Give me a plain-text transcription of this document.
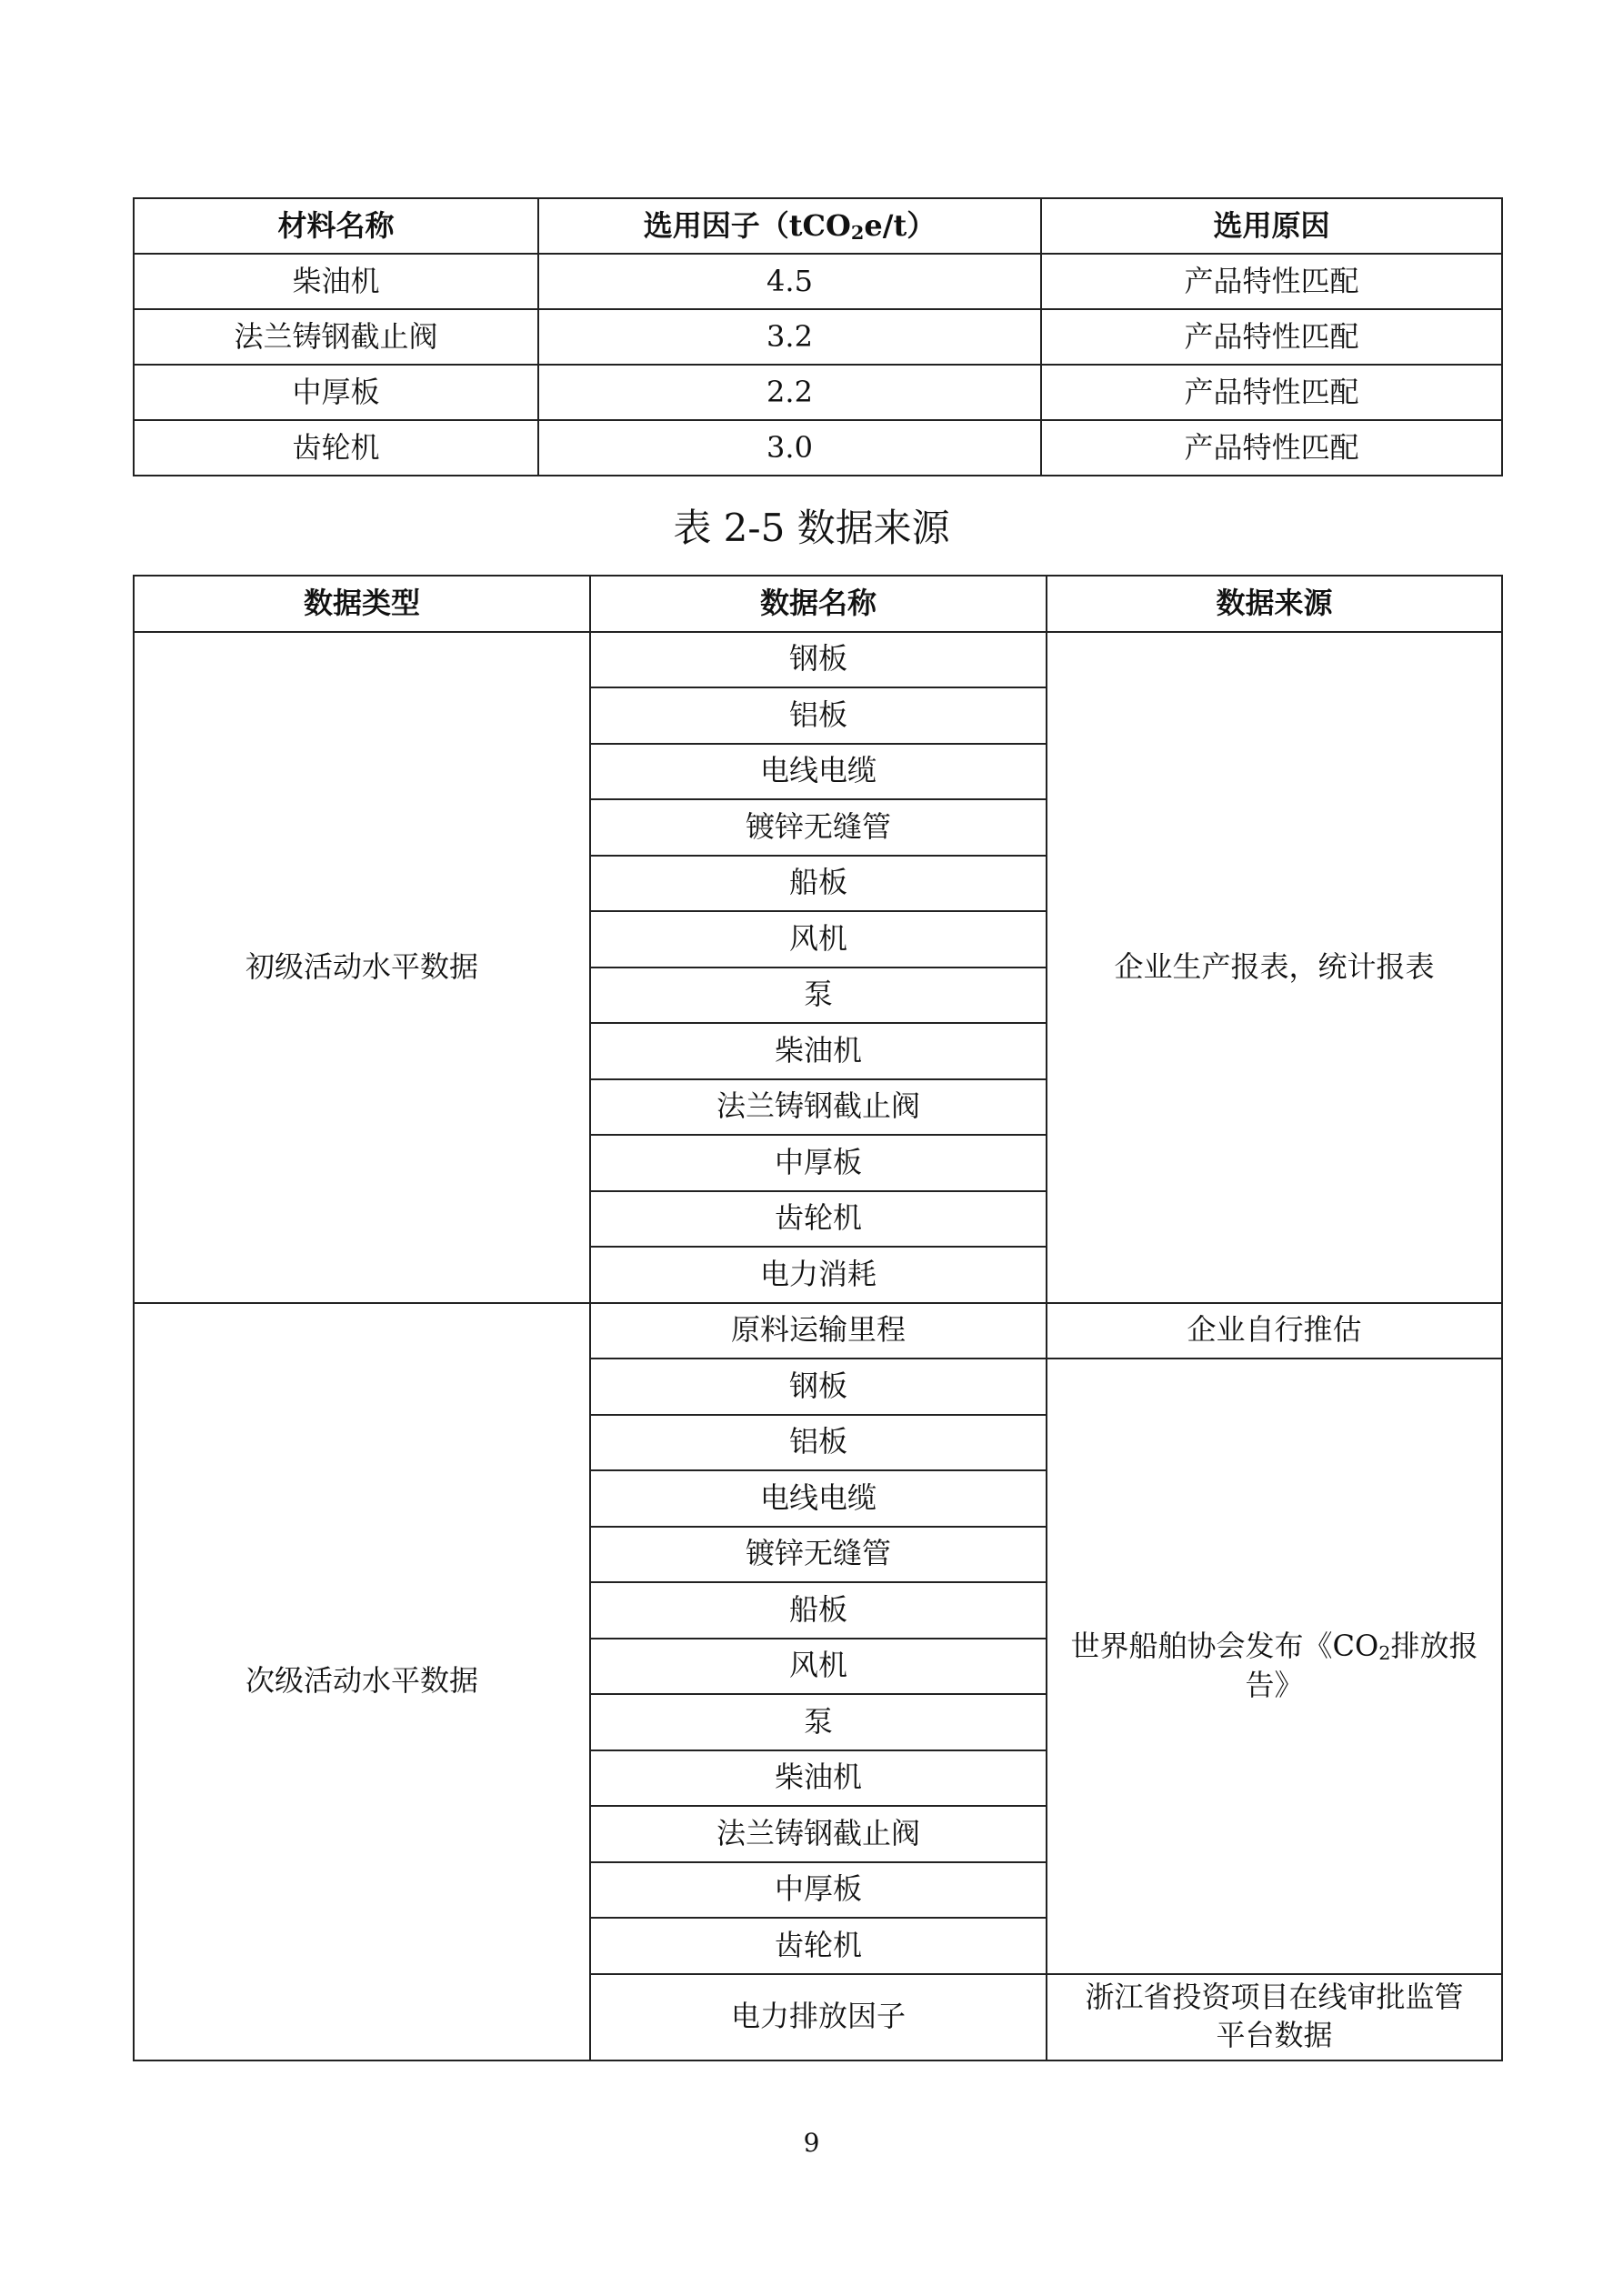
材料名称	选用因子（tCO$_2$e/t）	选用原因
柴油机	4.5	产品特性匹配
法兰铸钢截止阀	3.2	产品特性匹配
中厚板	2.2	产品特性匹配
齿轮机	3.0	产品特性匹配
表 2-5 数据来源
数据类型	数据名称	数据来源
初级活动水平数据	钢板	企业生产报表，统计报表
	铝板	
	电线电缆	
	镀锌无缝管	
	船板	
	风机	
	泵	
	柴油机	
	法兰铸钢截止阀	
	中厚板	
	齿轮机	
	电力消耗	
次级活动水平数据	原料运输里程	企业自行推估
	钢板	世界船舶协会发布《$CO_2$排放报告》
	铝板	
	电线电缆	
	镀锌无缝管	
	船板	
	风机	
	泵	
	柴油机	
	法兰铸钢截止阀	
	中厚板	
	齿轮机	
	电力排放因子	浙江省投资项目在线审批监管平台数据
9
